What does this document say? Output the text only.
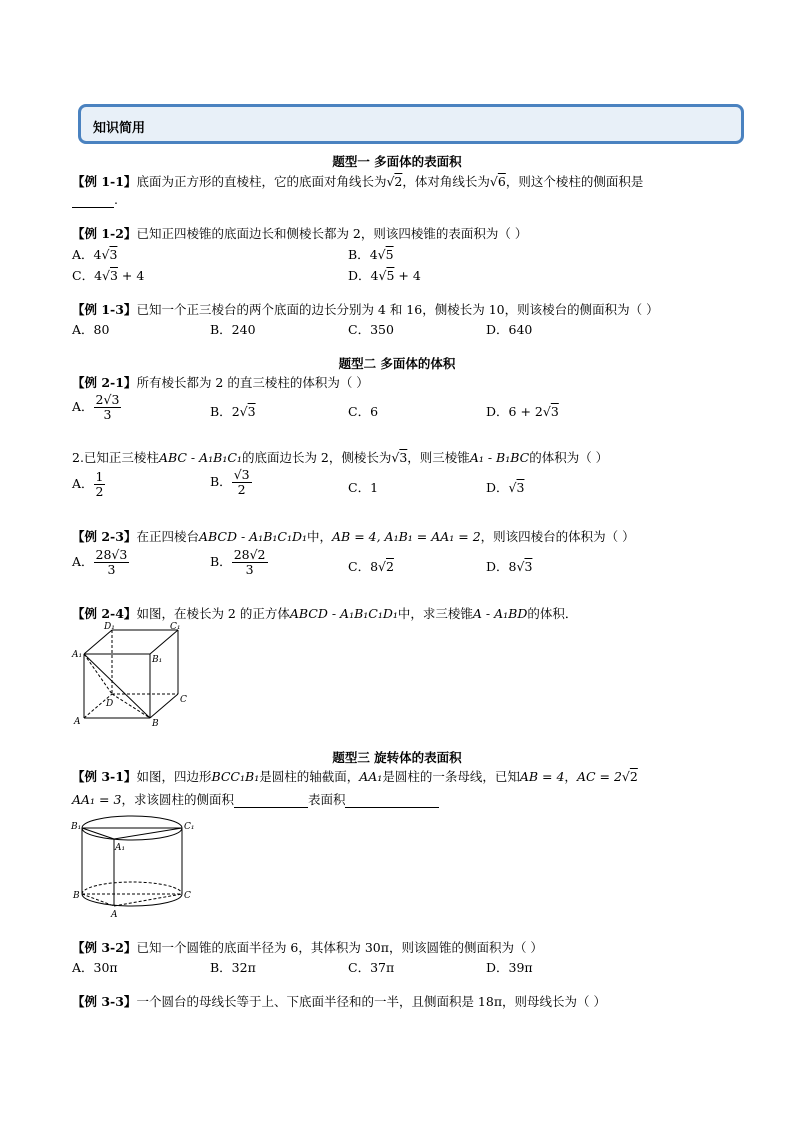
知识简用
题型一 多面体的表面积
【例 1-1】底面为正方形的直棱柱，它的底面对角线长为√2，体对角线长为√6，则这个棱柱的侧面积是
.
【例 1-2】已知正四棱锥的底面边长和侧棱长都为 2，则该四棱锥的表面积为（ ）
A．4√3	B．4√5
C．4√3 + 4	D．4√5 + 4
【例 1-3】已知一个正三棱台的两个底面的边长分别为 4 和 16，侧棱长为 10，则该棱台的侧面积为（ ）
A．80	B．240	C．350	D．640
题型二 多面体的体积
【例 2-1】所有棱长都为 2 的直三棱柱的体积为（ ）
A． $\frac{2√3}{3}$	B．2√3	C．6	D．6 + 2√3
2.已知正三棱柱ABC - A₁B₁C₁的底面边长为 2，侧棱长为√3，则三棱锥A₁ - B₁BC的体积为（ ）
A． $\frac{1}{2}$	B． $\frac{√3}{2}$	C．1	D．√3
【例 2-3】在正四棱台ABCD - A₁B₁C₁D₁中，AB = 4, A₁B₁ = AA₁ = 2，则该四棱台的体积为（ ）
A． $\frac{28√3}{3}$	B． $\frac{28√2}{3}$	C．8√2	D．8√3
【例 2-4】如图，在棱长为 2 的正方体ABCD - A₁B₁C₁D₁中，求三棱锥A - A₁BD的体积．
D₁	C₁
A₁	B₁
D	C
A	B
题型三 旋转体的表面积
【例 3-1】如图，四边形BCC₁B₁是圆柱的轴截面，AA₁是圆柱的一条母线，已知AB = 4，AC = 2√2
AA₁ = 3，求该圆柱的侧面积	表面积
B₁	C₁
A₁
B	C
A
【例 3-2】已知一个圆锥的底面半径为 6，其体积为 30π，则该圆锥的侧面积为（ ）
A．30π	B．32π	C．37π	D．39π
【例 3-3】一个圆台的母线长等于上、下底面半径和的一半，且侧面积是 18π，则母线长为（ ）
